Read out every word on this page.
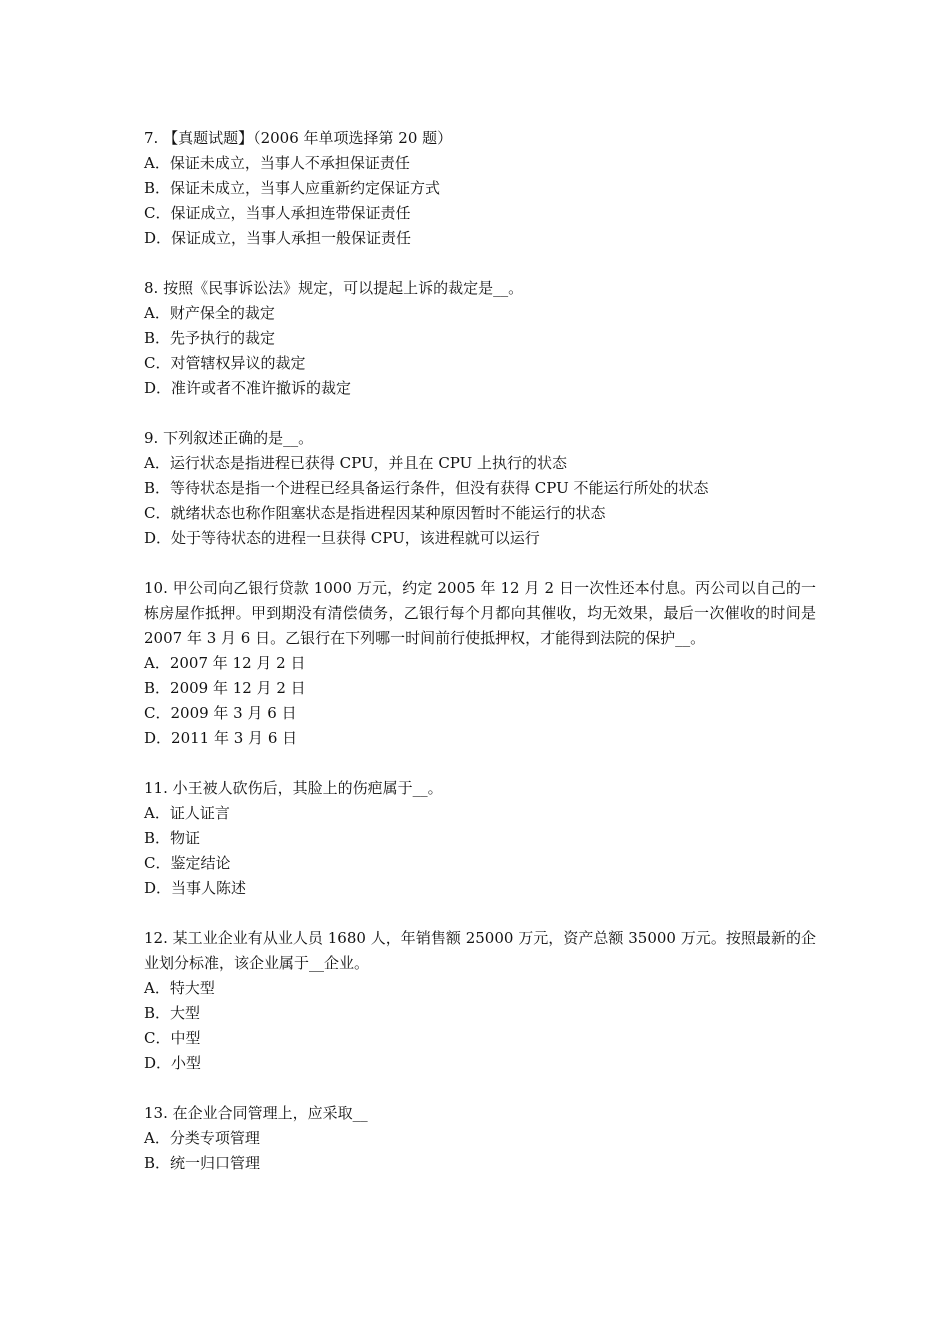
7. 【真题试题】（2006 年单项选择第 20 题）

A．保证未成立，当事人不承担保证责任

B．保证未成立，当事人应重新约定保证方式

C．保证成立，当事人承担连带保证责任

D．保证成立，当事人承担一般保证责任

8. 按照《民事诉讼法》规定，可以提起上诉的裁定是__。

A．财产保全的裁定

B．先予执行的裁定

C．对管辖权异议的裁定

D．准许或者不准许撤诉的裁定

9. 下列叙述正确的是__。

A．运行状态是指进程已获得 CPU，并且在 CPU 上执行的状态

B．等待状态是指一个进程已经具备运行条件，但没有获得 CPU 不能运行所处的状态

C．就绪状态也称作阻塞状态是指进程因某种原因暂时不能运行的状态

D．处于等待状态的进程一旦获得 CPU，该进程就可以运行

10. 甲公司向乙银行贷款 1000 万元，约定 2005 年 12 月 2 日一次性还本付息。丙公司以自己的一栋房屋作抵押。甲到期没有清偿债务，乙银行每个月都向其催收，均无效果，最后一次催收的时间是 2007 年 3 月 6 日。乙银行在下列哪一时间前行使抵押权，才能得到法院的保护__。

A．2007 年 12 月 2 日

B．2009 年 12 月 2 日

C．2009 年 3 月 6 日

D．2011 年 3 月 6 日

11. 小王被人砍伤后，其脸上的伤疤属于__。

A．证人证言

B．物证

C．鉴定结论

D．当事人陈述

12. 某工业企业有从业人员 1680 人，年销售额 25000 万元，资产总额 35000 万元。按照最新的企业划分标准，该企业属于__企业。

A．特大型

B．大型

C．中型

D．小型

13. 在企业合同管理上，应采取__

A．分类专项管理

B．统一归口管理
